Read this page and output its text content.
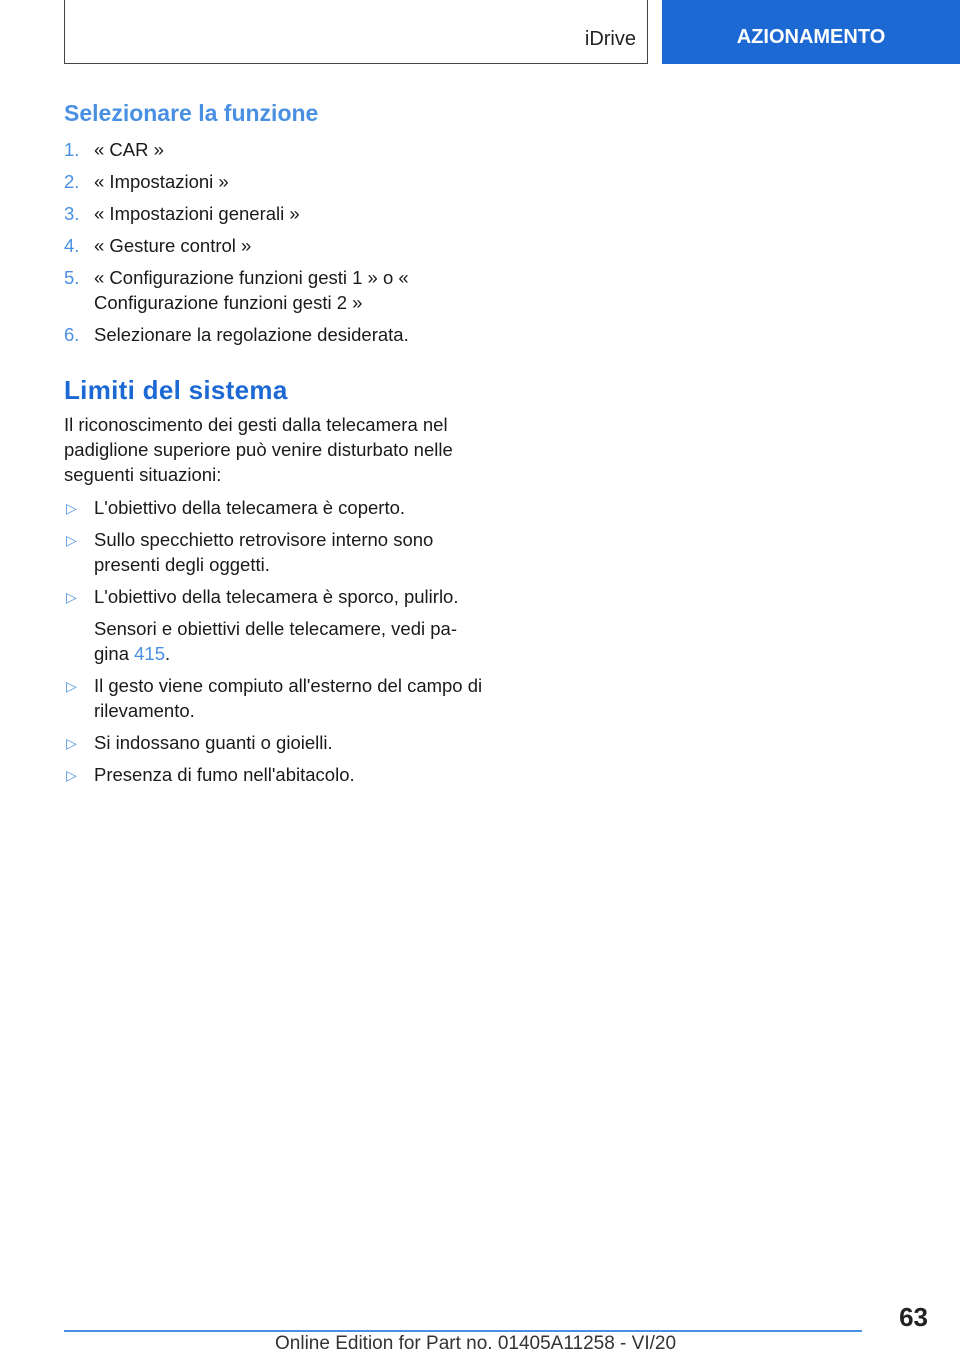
iDrive	AZIONAMENTO
Selezionare la funzione
1. « CAR »
2. « Impostazioni »
3. « Impostazioni generali »
4. « Gesture control »
5. « Configurazione funzioni gesti 1 » o « Configurazione funzioni gesti 2 »
6. Selezionare la regolazione desiderata.
Limiti del sistema

Il riconoscimento dei gesti dalla telecamera nel padiglione superiore può venire disturbato nelle seguenti situazioni:

▷ L'obiettivo della telecamera è coperto.
▷ Sullo specchietto retrovisore interno sono presenti degli oggetti.
▷ L'obiettivo della telecamera è sporco, pulirlo.
Sensori e obiettivi delle telecamere, vedi pagina 415.
▷ Il gesto viene compiuto all'esterno del campo di rilevamento.
▷ Si indossano guanti o gioielli.
▷ Presenza di fumo nell'abitacolo.
63
Online Edition for Part no. 01405A11258 - VI/20
